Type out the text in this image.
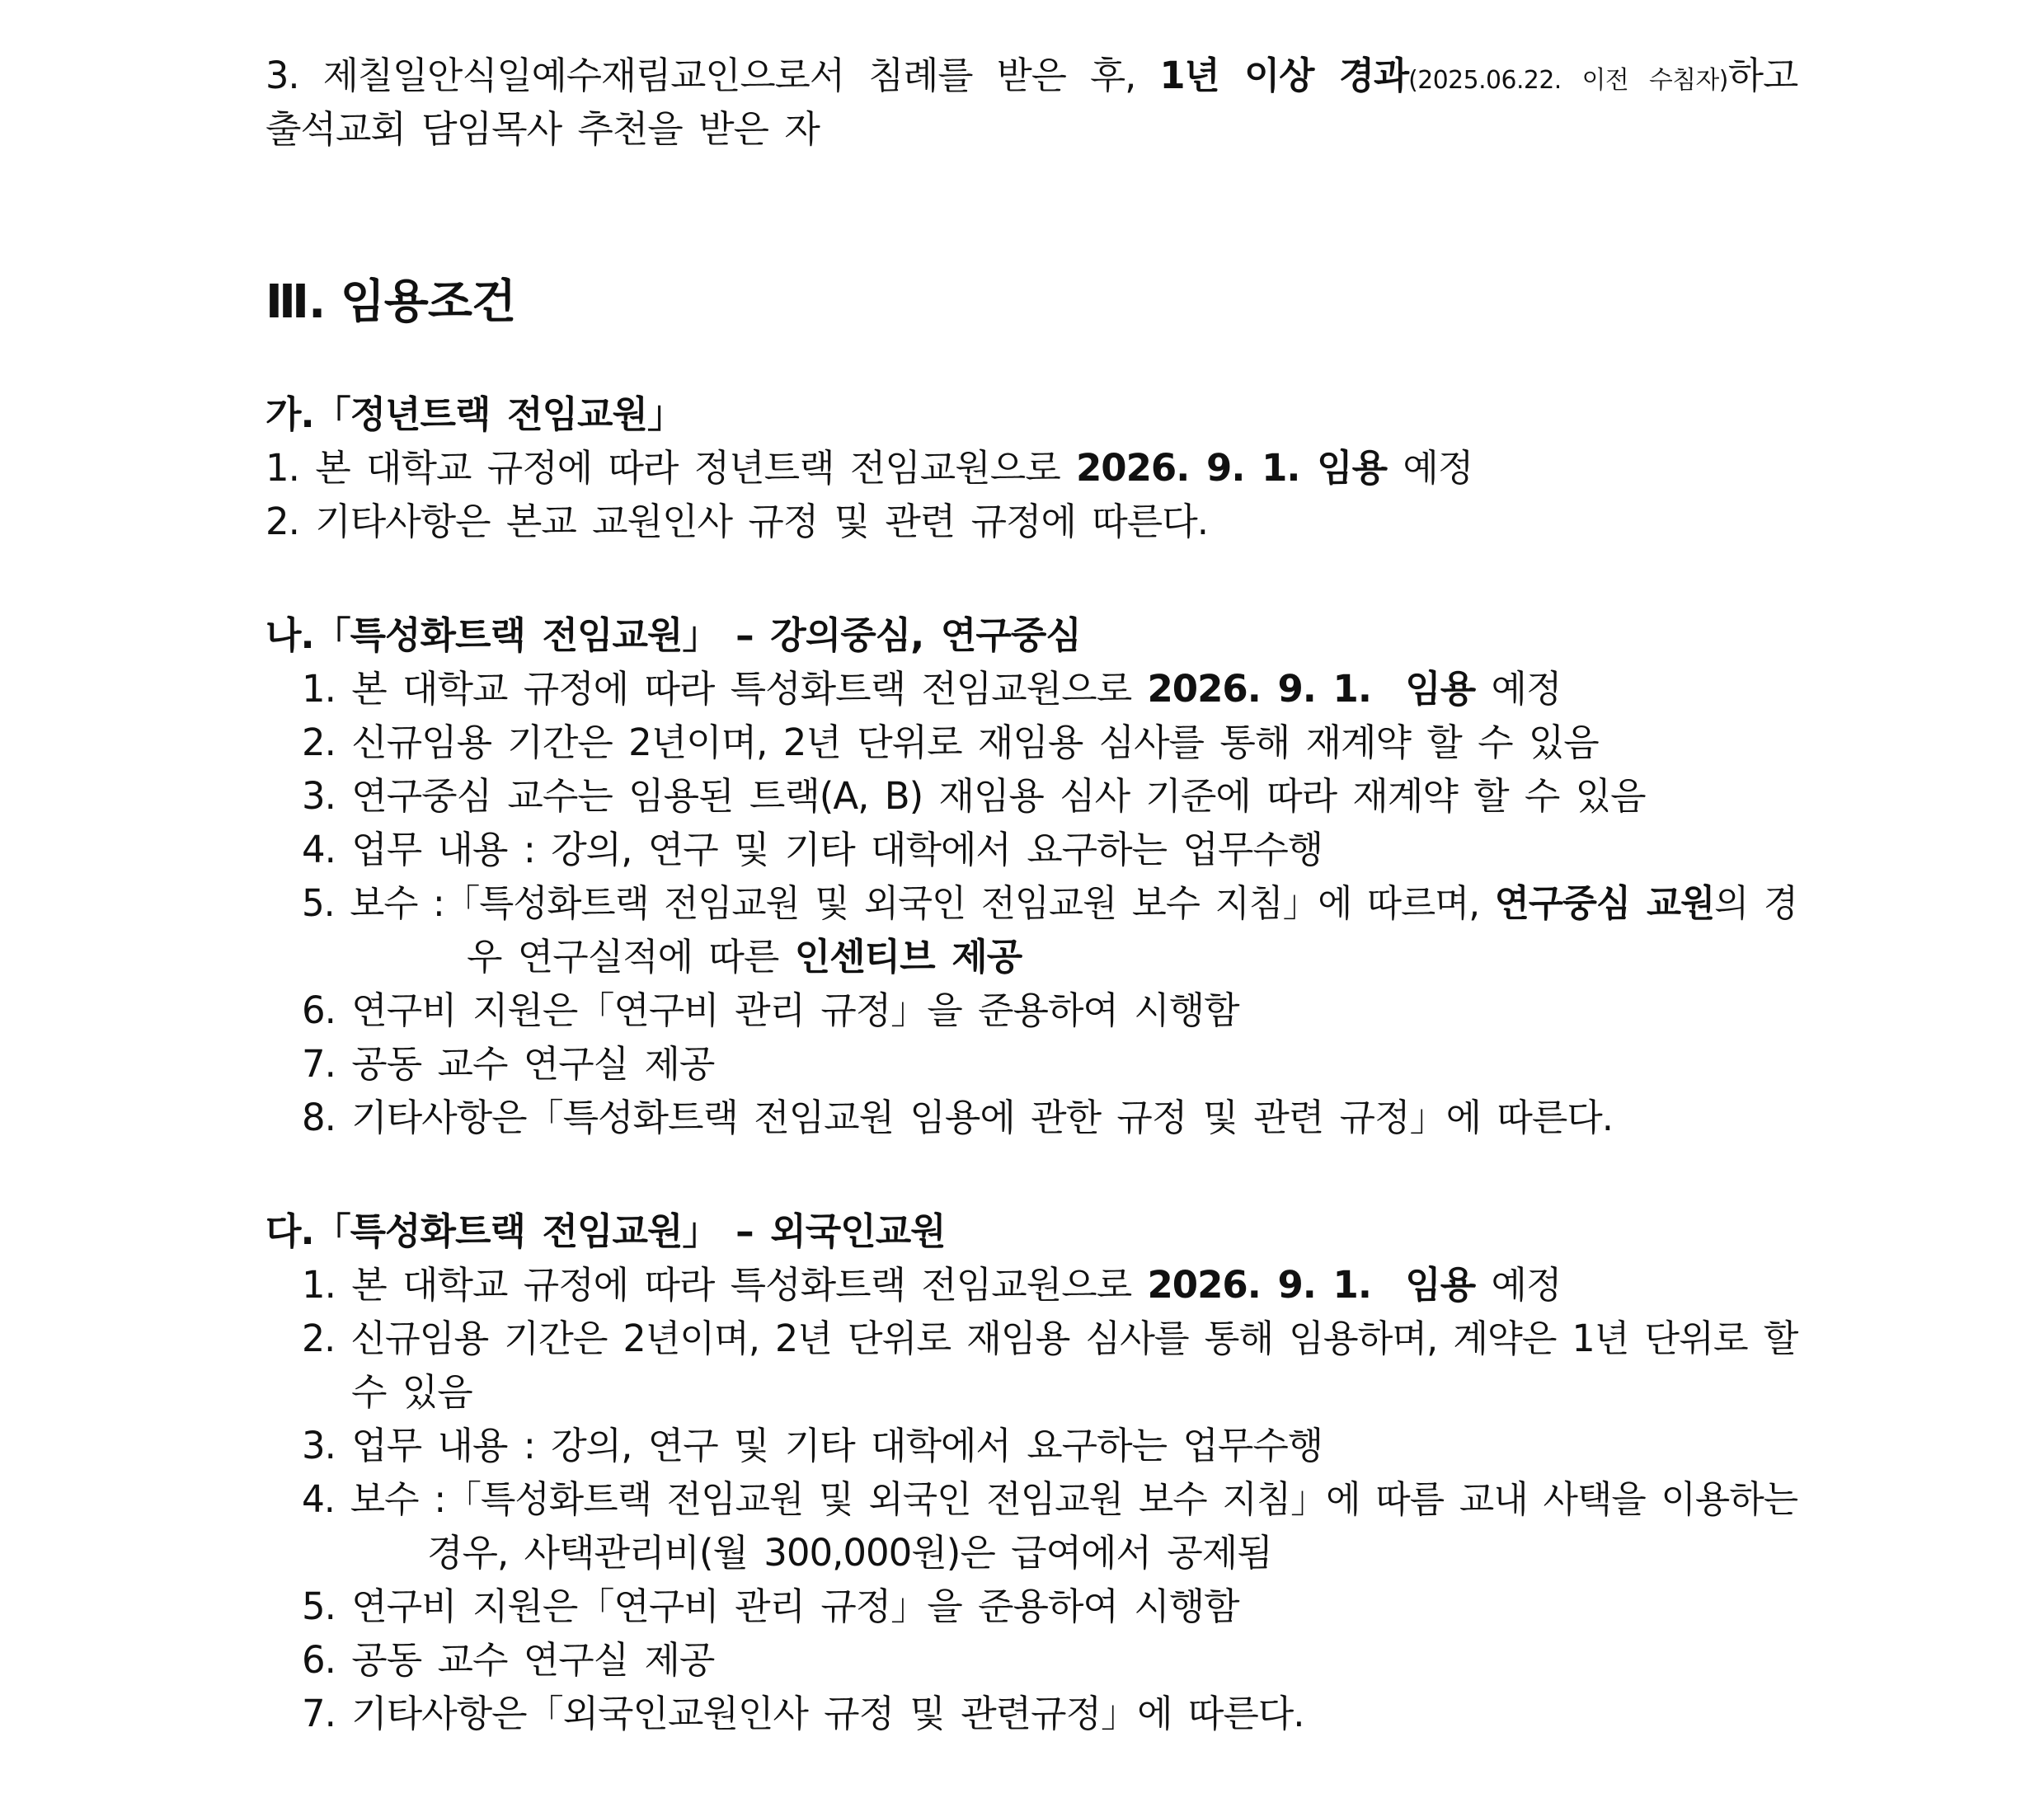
3. 제칠일안식일예수재림교인으로서 침례를 받은 후, 1년 이상 경과(2025.06.22. 이전 수침자)하고
출석교회 담임목사 추천을 받은 자
Ⅲ. 임용조건
가.「정년트랙 전임교원」
1. 본 대학교 규정에 따라 정년트랙 전임교원으로 2026. 9. 1. 임용 예정
2. 기타사항은 본교 교원인사 규정 및 관련 규정에 따른다.
나.「특성화트랙 전임교원」 – 강의중심, 연구중심
1. 본 대학교 규정에 따라 특성화트랙 전임교원으로 2026. 9. 1.  임용 예정
2. 신규임용 기간은 2년이며, 2년 단위로 재임용 심사를 통해 재계약 할 수 있음
3. 연구중심 교수는 임용된 트랙(A, B) 재임용 심사 기준에 따라 재계약 할 수 있음
4. 업무 내용 : 강의, 연구 및 기타 대학에서 요구하는 업무수행
5. 보수 :「특성화트랙 전임교원 및 외국인 전임교원 보수 지침」에 따르며, 연구중심 교원의 경
우 연구실적에 따른 인센티브 제공
6. 연구비 지원은「연구비 관리 규정」을 준용하여 시행함
7. 공동 교수 연구실 제공
8. 기타사항은「특성화트랙 전임교원 임용에 관한 규정 및 관련 규정」에 따른다.
다.「특성화트랙 전임교원」 – 외국인교원
1. 본 대학교 규정에 따라 특성화트랙 전임교원으로 2026. 9. 1.  임용 예정
2. 신규임용 기간은 2년이며, 2년 단위로 재임용 심사를 통해 임용하며, 계약은 1년 단위로 할
수 있음
3. 업무 내용 : 강의, 연구 및 기타 대학에서 요구하는 업무수행
4. 보수 :「특성화트랙 전임교원 및 외국인 전임교원 보수 지침」에 따름 교내 사택을 이용하는
경우, 사택관리비(월 300,000원)은 급여에서 공제됨
5. 연구비 지원은「연구비 관리 규정」을 준용하여 시행함
6. 공동 교수 연구실 제공
7. 기타사항은「외국인교원인사 규정 및 관련규정」에 따른다.
